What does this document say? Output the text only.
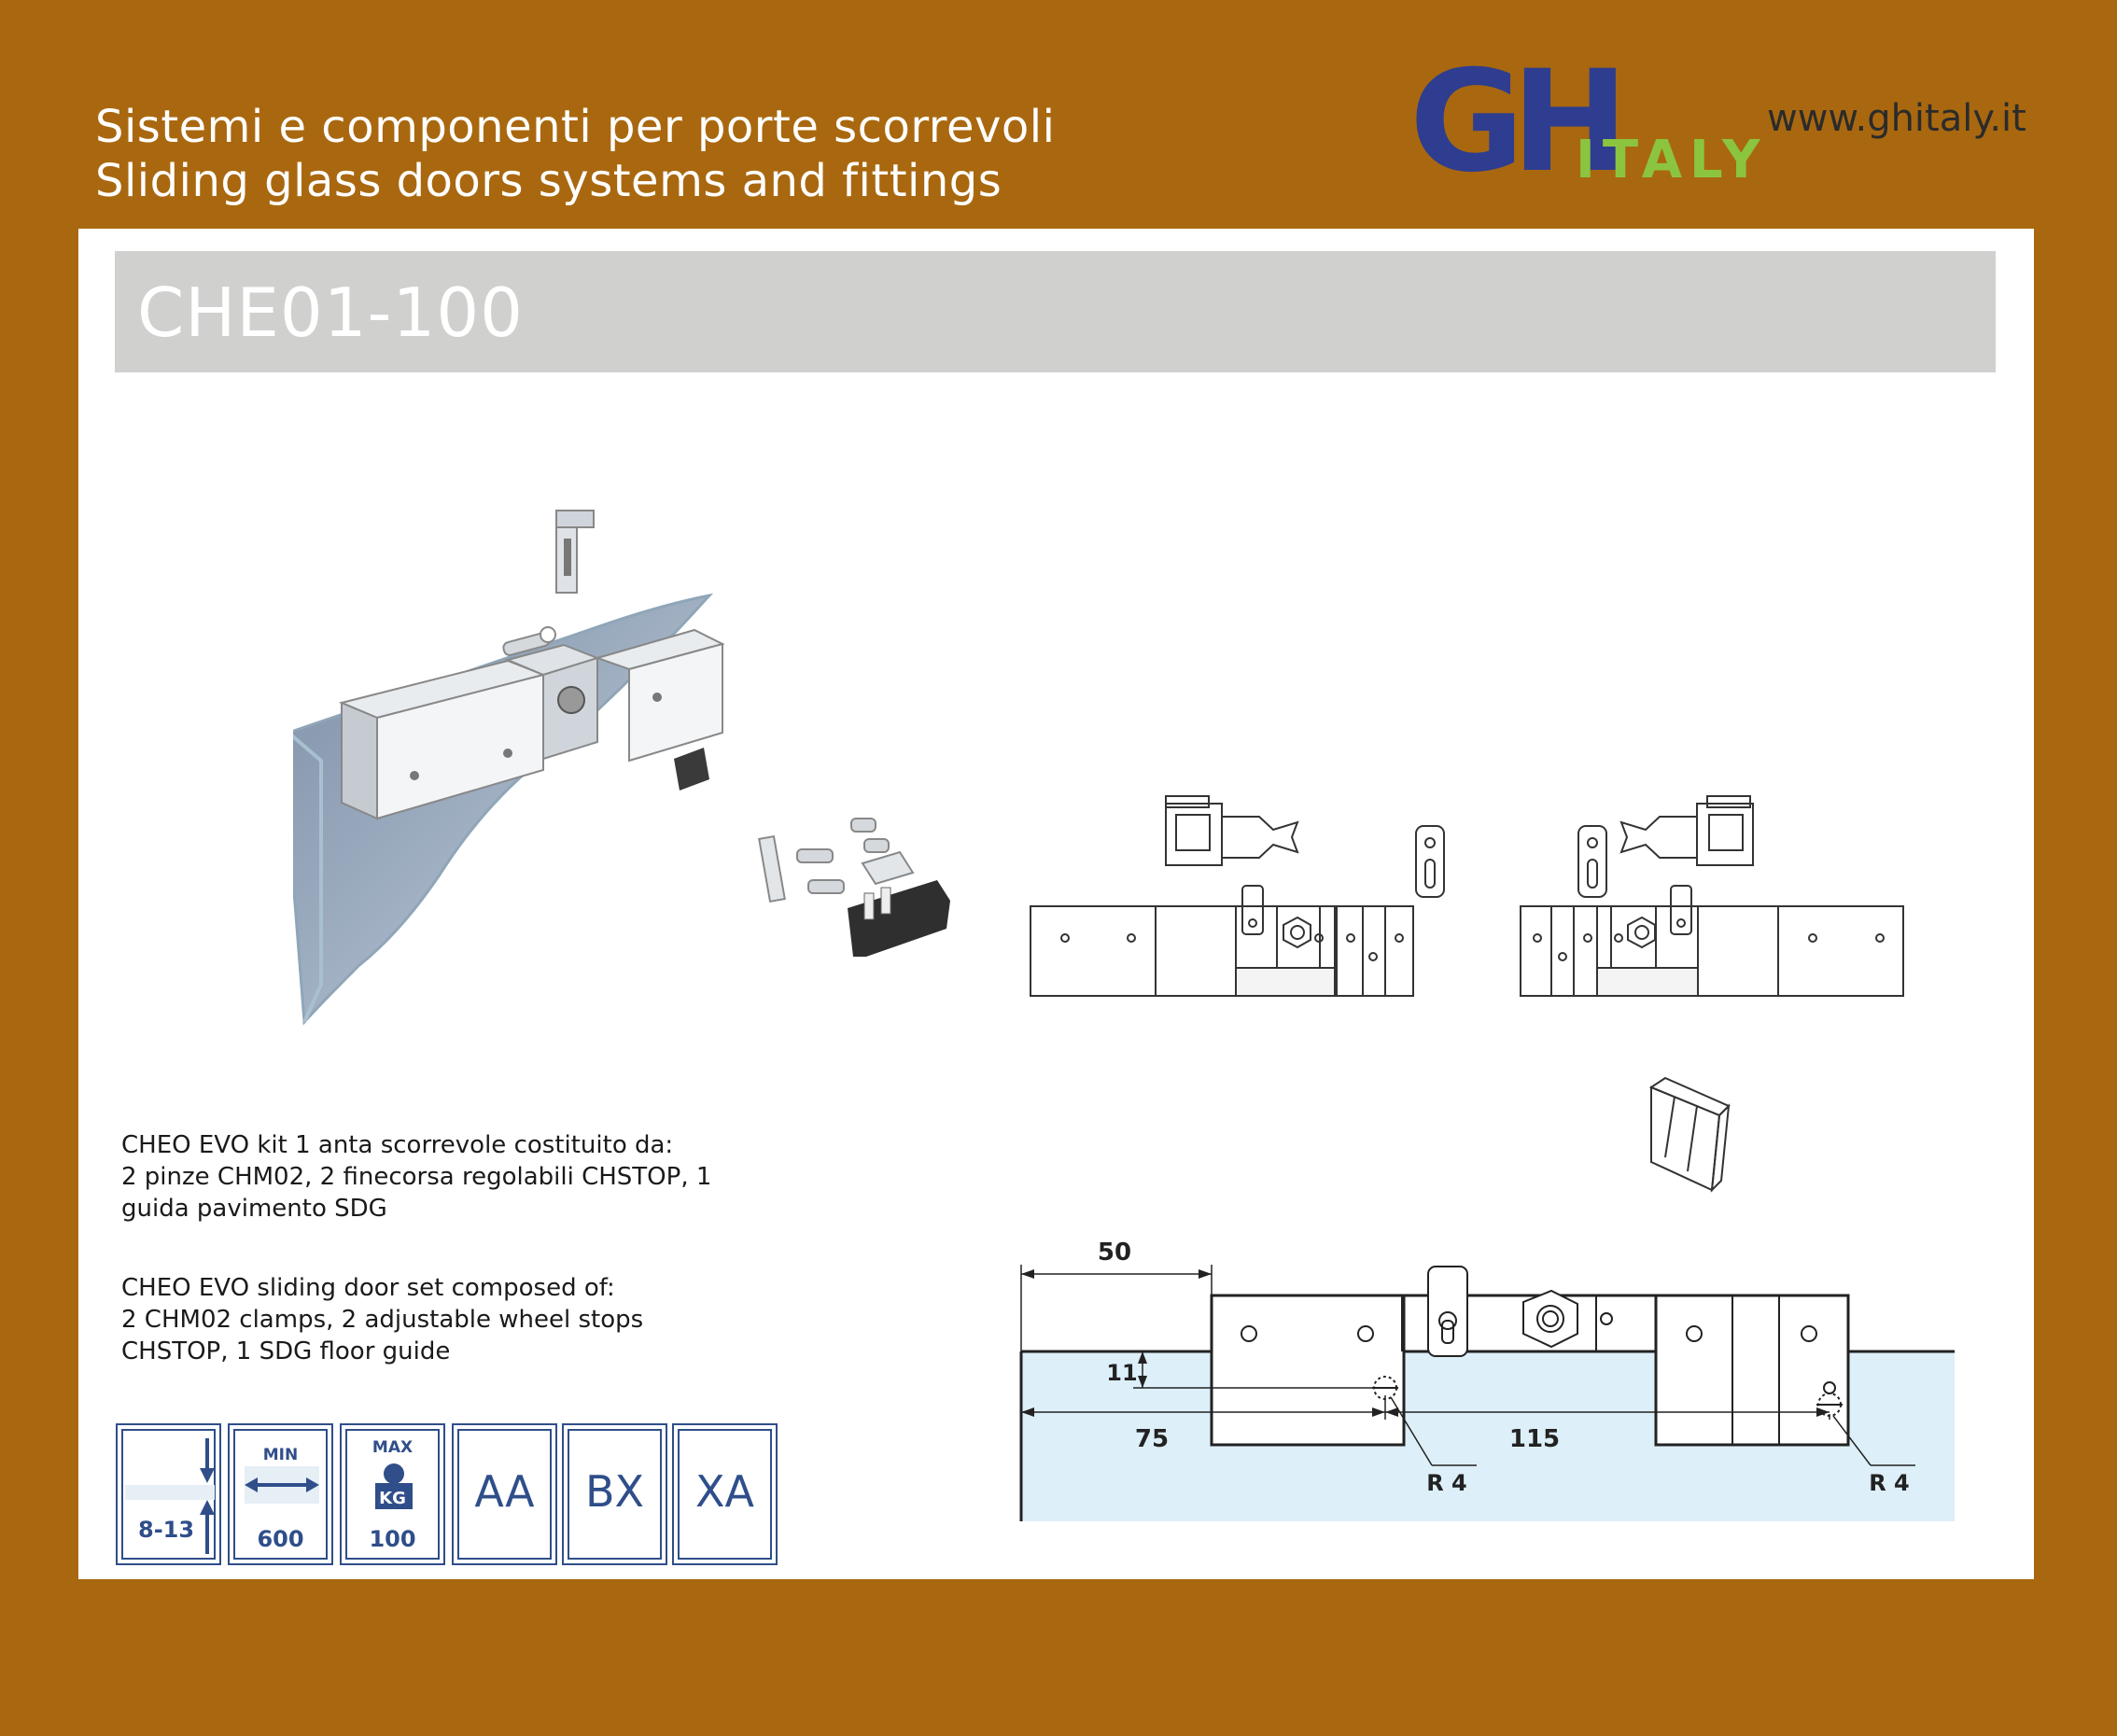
Sistemi e componenti per porte scorrevoli
Sliding glass doors systems and fittings	GH
ITALY
www.ghitaly.it
CHE01-100
50
11
75	115
R 4	R 4
CHEO EVO kit 1 anta scorrevole costituito da:
2 pinze CHM02, 2 finecorsa regolabili CHSTOP, 1
guida pavimento SDG
CHEO EVO sliding door set composed of:
2 CHM02 clamps, 2 adjustable wheel stops
CHSTOP, 1 SDG floor guide
8-13
MIN
600
MAX
KG
100
AA	BX	XA
